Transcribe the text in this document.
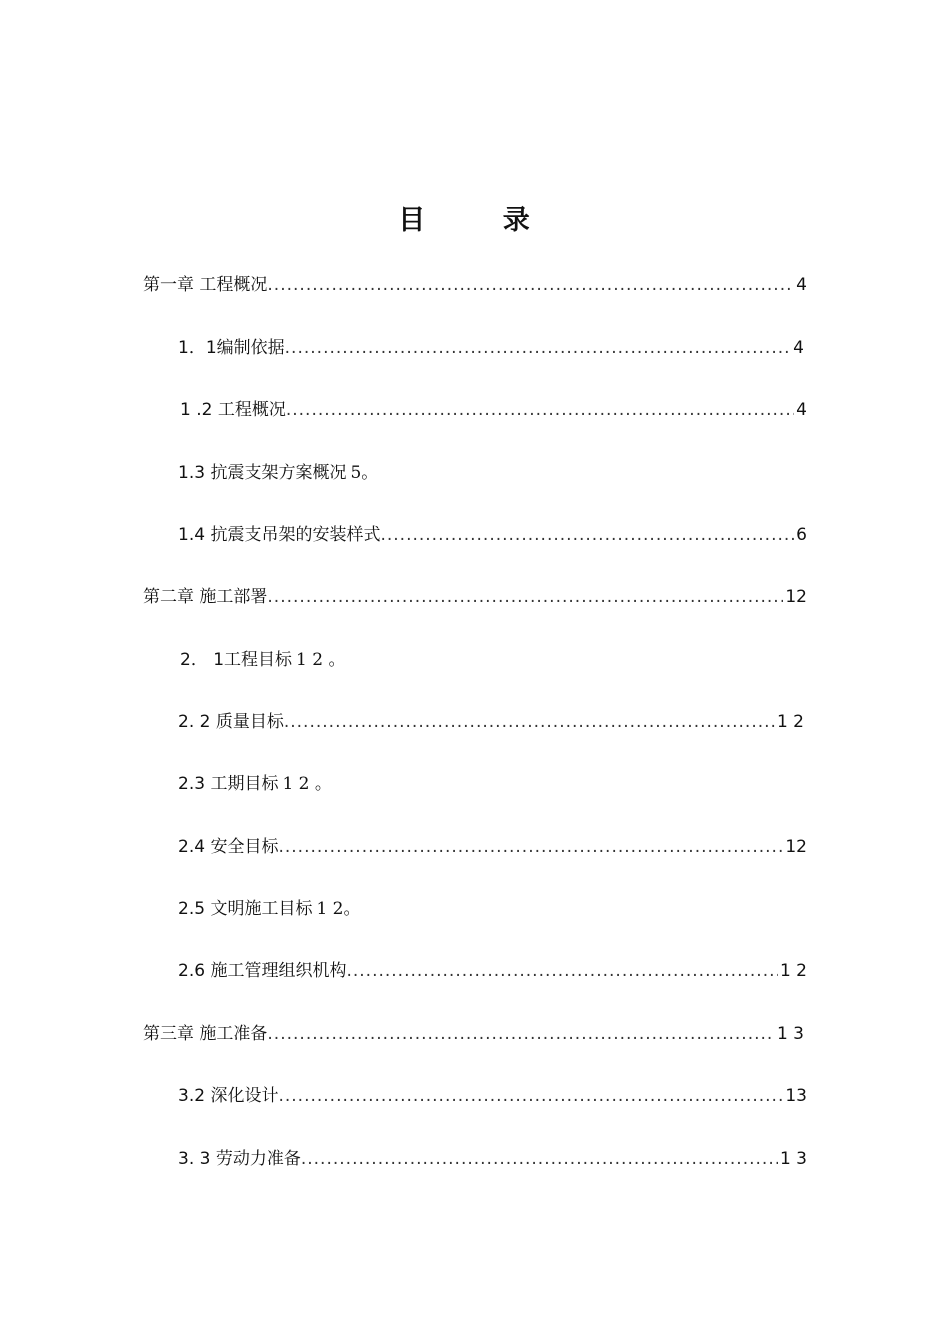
目 录
第一章 工程概况 .....	4
1．1编制依据 .....	4
1 .2 工程概况 .....	4
1.3 抗震支架方案概况 5。
1.4 抗震支吊架的安装样式 .....	6
第二章 施工部署 .....	12
2． 1工程目标 1 2 。
2. 2 质量目标 .....	1 2
2.3 工期目标 1 2 。
2.4 安全目标 .....	12
2.5 文明施工目标 1 2。
2.6 施工管理组织机构 .....	1 2
第三章 施工准备 .....	1 3
3.2 深化设计 .....	13
3. 3 劳动力准备 .....	1 3
